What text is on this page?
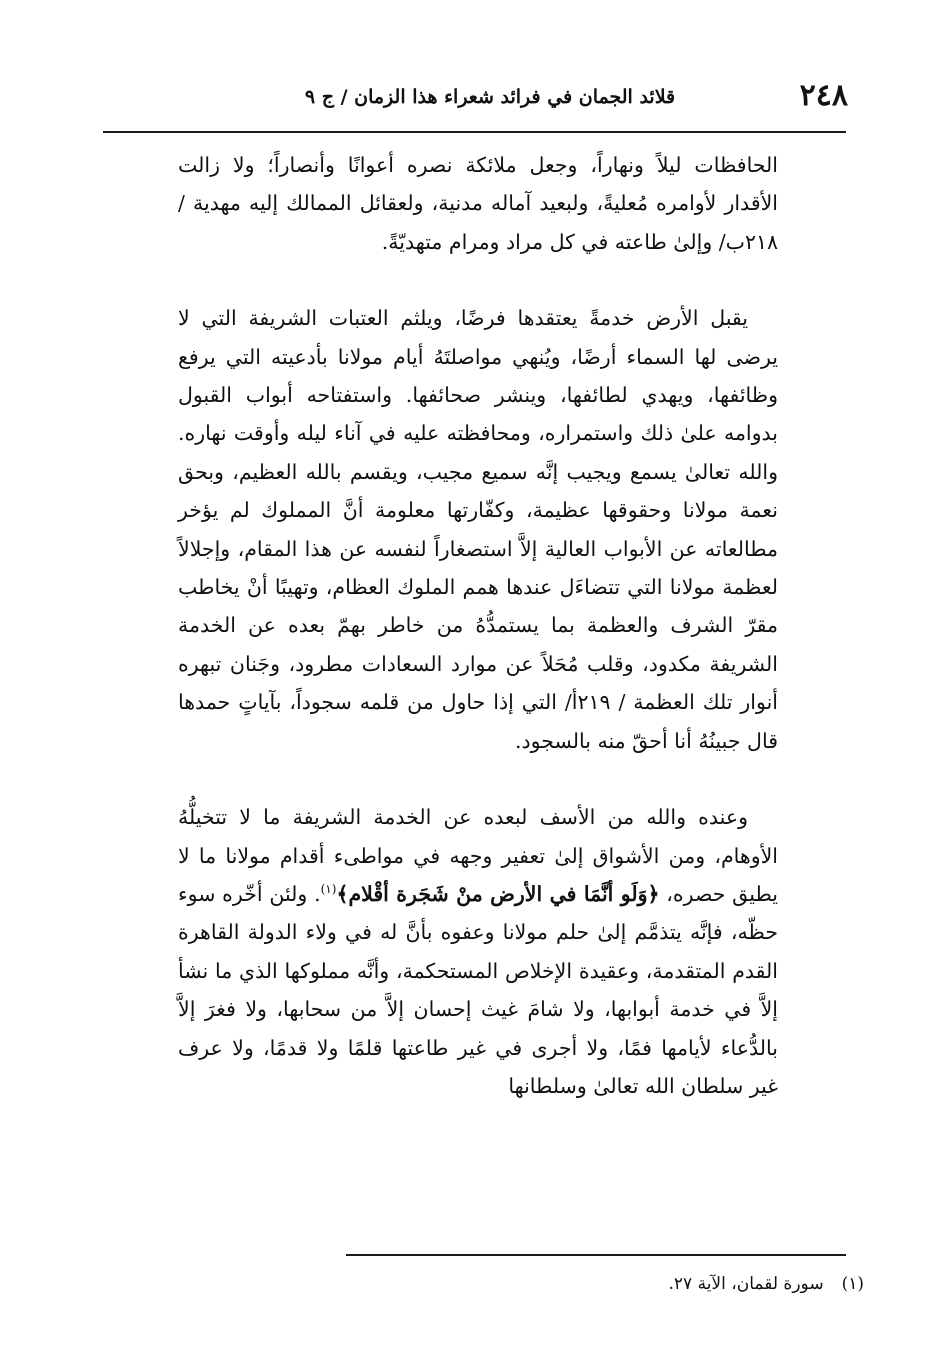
٢٤٨
قلائد الجمان في فرائد شعراء هذا الزمان / ج ٩

الحافظات ليلاً ونهاراً، وجعل ملائكة نصره أعوانًا وأنصاراً؛ ولا زالت الأقدار لأوامره مُعليةً، ولبعيد آماله مدنية، ولعقائل الممالك إليه مهدية / ٢١٨ب/ وإلىٰ طاعته في كل مراد ومرام متهديّةً.

يقبل الأرض خدمةً يعتقدها فرضًا، ويلثم العتبات الشريفة التي لا يرضى لها السماء أرضًا، ويُنهي مواصلتَهُ أيام مولانا بأدعيته التي يرفع وظائفها، ويهدي لطائفها، وينشر صحائفها. واستفتاحه أبواب القبول بدوامه علىٰ ذلك واستمراره، ومحافظته عليه في آناء ليله وأوقت نهاره. والله تعالىٰ يسمع ويجيب إنَّه سميع مجيب، ويقسم بالله العظيم، وبحق نعمة مولانا وحقوقها عظيمة، وكفّارتها معلومة أنَّ المملوك لم يؤخر مطالعاته عن الأبواب العالية إلاَّ استصغاراً لنفسه عن هذا المقام، وإجلالاً لعظمة مولانا التي تتضاءَل عندها همم الملوك العظام، وتهيبًا أنْ يخاطب مقرّ الشرف والعظمة بما يستمدُّهُ من خاطر بهمّ بعده عن الخدمة الشريفة مكدود، وقلب مُحَلاً عن موارد السعادات مطرود، وجَنان تبهره أنوار تلك العظمة / ٢١٩أ/ التي إذا حاول من قلمه سجوداً، بآياتٍ حمدها قال جبينُهُ أنا أحقّ منه بالسجود.

وعنده والله من الأسف لبعده عن الخدمة الشريفة ما لا تتخيلُّهُ الأوهام، ومن الأشواق إلىٰ تعفير وجهه في مواطىء أقدام مولانا ما لا يطيق حصره، ﴿وَلَو أنَّمَا في الأرض منْ شَجَرة أقْلام﴾$^{(١)}$. ولئن أخّره سوء حظّه، فإنَّه يتذمَّم إلىٰ حلم مولانا وعفوه بأنَّ له في ولاء الدولة القاهرة القدم المتقدمة، وعقيدة الإخلاص المستحكمة، وأنَّه مملوكها الذي ما نشأ إلاَّ في خدمة أبوابها، ولا شامَ غيث إحسان إلاَّ من سحابها، ولا فغرَ إلاَّ بالدُّعاء لأيامها فمًا، ولا أجرى في غير طاعتها قلمًا ولا قدمًا، ولا عرف غير سلطان الله تعالىٰ وسلطانها

(١)سورة لقمان، الآية ٢٧.
